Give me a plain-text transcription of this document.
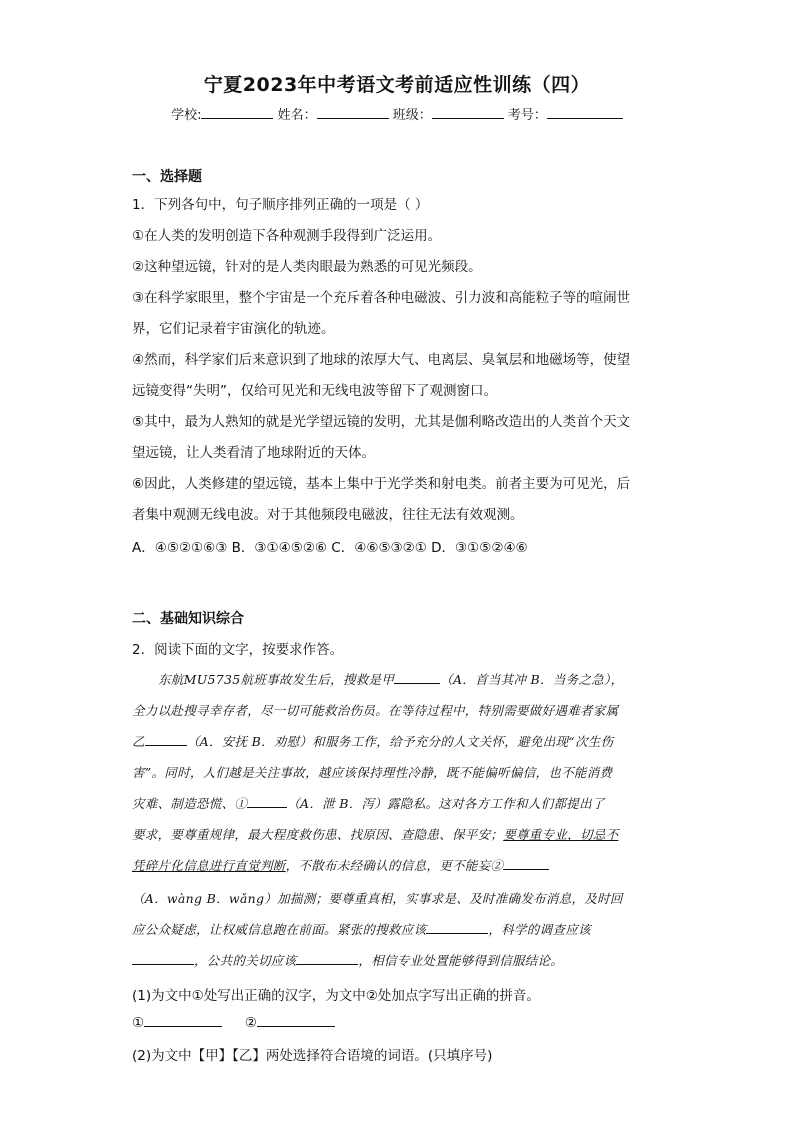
宁夏2023年中考语文考前适应性训练（四）
学校:	姓名：	班级：	考号：
一、选择题
1．下列各句中，句子顺序排列正确的一项是（ ）
①在人类的发明创造下各种观测手段得到广泛运用。
②这种望远镜，针对的是人类肉眼最为熟悉的可见光频段。
③在科学家眼里，整个宇宙是一个充斥着各种电磁波、引力波和高能粒子等的喧闹世
界，它们记录着宇宙演化的轨迹。
④然而，科学家们后来意识到了地球的浓厚大气、电离层、臭氧层和地磁场等，使望
远镜变得“失明”，仅给可见光和无线电波等留下了观测窗口。
⑤其中，最为人熟知的就是光学望远镜的发明，尤其是伽利略改造出的人类首个天文
望远镜，让人类看清了地球附近的天体。
⑥因此，人类修建的望远镜，基本上集中于光学类和射电类。前者主要为可见光，后
者集中观测无线电波。对于其他频段电磁波，往往无法有效观测。
A．④⑤②①⑥③ B．③①④⑤②⑥ C．④⑥⑤③②① D．③①⑤②④⑥
二、基础知识综合
2．阅读下面的文字，按要求作答。
东航MU5735航班事故发生后，搜救是甲	（A．首当其冲 B．当务之急），
全力以赴搜寻幸存者，尽一切可能救治伤员。在等待过程中，特别需要做好遇难者家属
乙	（A．安抚 B．劝慰）和服务工作，给予充分的人文关怀，避免出现“次生伤
害”。同时，人们越是关注事故，越应该保持理性冷静，既不能偏听偏信，也不能消费
灾难、制造恐慌、①	（A．泄 B．泻）露隐私。这对各方工作和人们都提出了
要求，要尊重规律，最大程度救伤患、找原因、查隐患、保平安；要尊重专业，切忌不
凭碎片化信息进行直觉判断，不散布未经确认的信息，更不能妄②
（A．wàng B．wǎng）加揣测；要尊重真相，实事求是、及时准确发布消息，及时回
应公众疑虑，让权威信息跑在前面。紧张的搜救应该	，科学的调查应该
，公共的关切应该	，相信专业处置能够得到信服结论。
(1)为文中①处写出正确的汉字，为文中②处加点字写出正确的拼音。
①	②
(2)为文中【甲】【乙】两处选择符合语境的词语。(只填序号)
